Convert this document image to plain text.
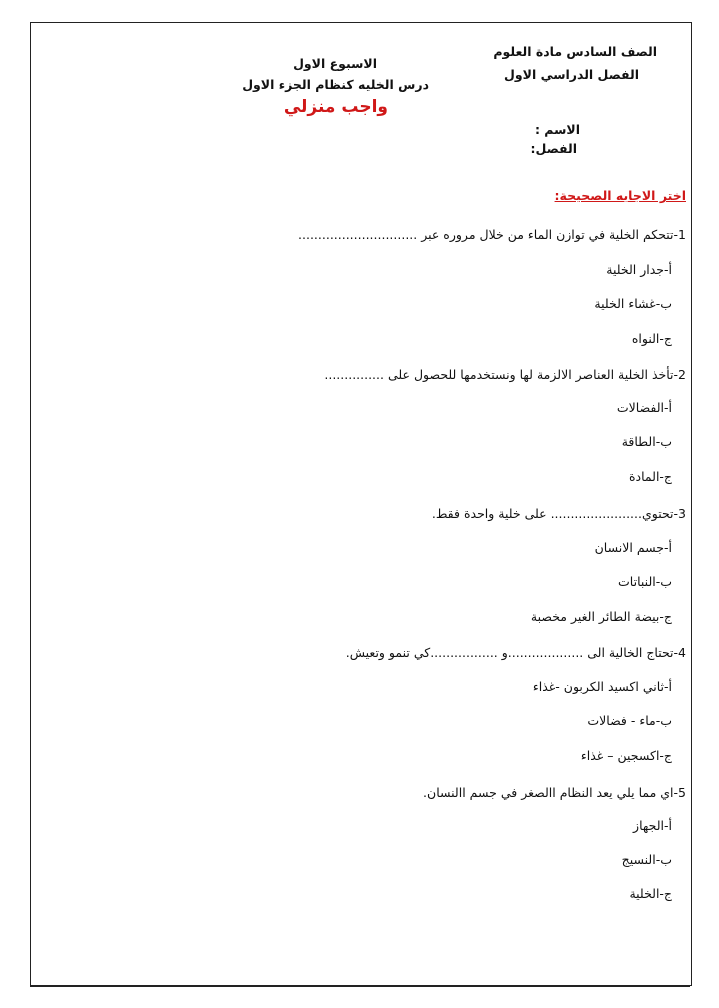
الصف السادس مادة العلوم
الفصل الدراسي الاول
الاسبوع الاول
درس الخليه كنظام الجزء الاول
واجب منزلي
الاسم :
الفصل:
اختر الاجابه الصحيحة:
1-تتحكم الخلية في توازن الماء من خلال مروره عبر ..............................
أ-جدار الخلية
ب-غشاء الخلية
ج-النواه
2-تأخذ الخلية العناصر الالزمة لها ونستخدمها للحصول على ...............
أ-الفضالات
ب-الطاقة
ج-المادة
3-تحتوي....................... على خلية واحدة فقط.
أ-جسم الانسان
ب-النباتات
ج-بيضة الطائر الغير مخصبة
4-تحتاج الخالية الى ...................و .................كي تنمو وتعيش.
أ-ثاني اكسيد الكربون -غذاء
ب-ماء - فضالات
ج-اكسجين – غذاء
5-اي مما يلي يعد النظام االصغر في جسم االنسان.
أ-الجهاز
ب-النسيج
ج-الخلية
